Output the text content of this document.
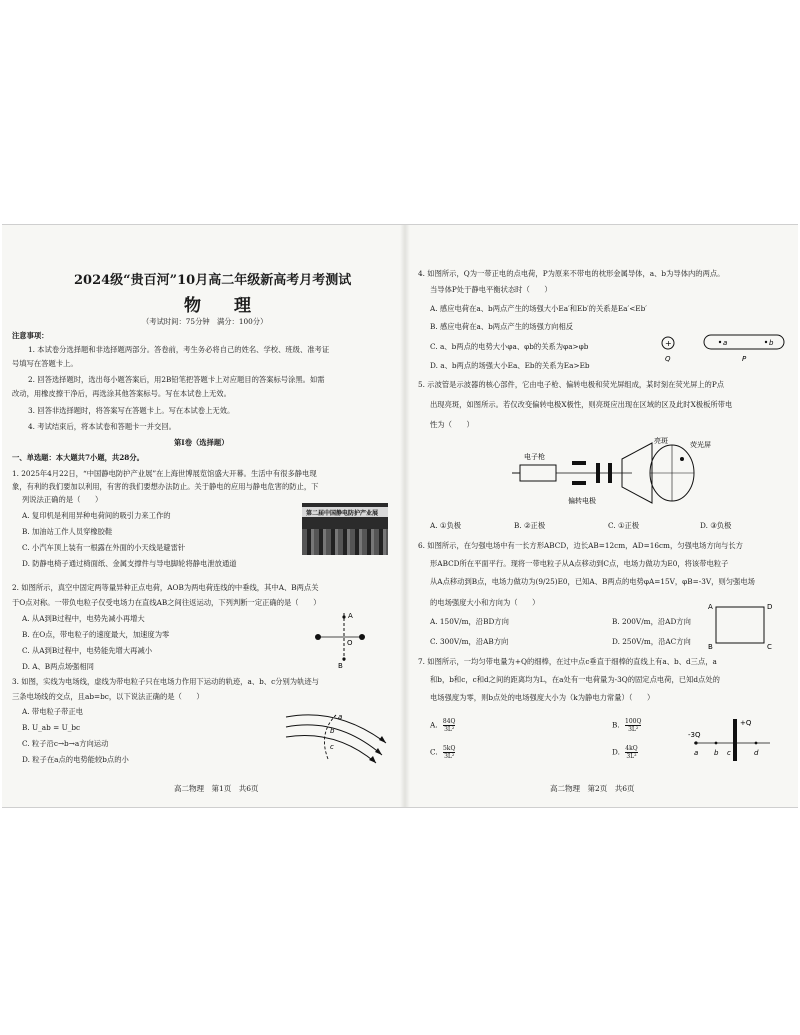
2024级“贵百河”10月高二年级新高考月考测试
物　理
（考试时间：75分钟　满分：100分）
注意事项：
1. 本试卷分选择题和非选择题两部分。答卷前，考生务必将自己的姓名、学校、班级、准考证
号填写在答题卡上。
2. 回答选择题时，选出每小题答案后，用2B铅笔把答题卡上对应题目的答案标号涂黑。如需
改动，用橡皮擦干净后，再选涂其他答案标号。写在本试卷上无效。
3. 回答非选择题时，将答案写在答题卡上。写在本试卷上无效。
4. 考试结束后，将本试卷和答题卡一并交回。
第Ⅰ卷（选择题）
一、单选题：本大题共7小题，共28分。
1. 2025年4月22日，“中国静电防护产业展”在上海世博展览馆盛大开幕。生活中有很多静电现
象，有利的我们要加以利用，有害的我们要想办法防止。关于静电的应用与静电危害的防止，下
列说法正确的是（　　）
A. 复印机是利用异种电荷间的吸引力来工作的
B. 加油站工作人员穿橡胶鞋
C. 小汽车顶上装有一根露在外面的小天线是避雷针
D. 防静电椅子通过椅面纸、金属支撑件与导电脚轮将静电泄放通道
第二届中国静电防护产业展
2. 如图所示，真空中固定两等量异种正点电荷，AOB为两电荷连线的中垂线，其中A、B两点关
于O点对称。一带负电粒子仅受电场力在直线AB之间往返运动，下列判断一定正确的是（　　）
A. 从A到B过程中，电势先减小再增大
B. 在O点，带电粒子的速度最大，加速度为零
C. 从A到B过程中，电势能先增大再减小
D. A、B两点场强相同
A
O
B
3. 如图，实线为电场线，虚线为带电粒子只在电场力作用下运动的轨迹，a、b、c分别为轨迹与
三条电场线的交点，且ab=bc，以下说法正确的是（　　）
A. 带电粒子带正电
B. U_ab = U_bc
C. 粒子沿c→b→a方向运动
D. 粒子在a点的电势能较b点的小
a
b
c
高二物理　第1页　共6页
4. 如图所示，Q为一带正电的点电荷，P为原来不带电的枕形金属导体，a、b为导体内的两点。
当导体P处于静电平衡状态时（　　）
A. 感应电荷在a、b两点产生的场强大小Ea′和Eb′的关系是Ea′<Eb′
B. 感应电荷在a、b两点产生的场强方向相反
C. a、b两点的电势大小φa、φb的关系为φa>φb
D. a、b两点的场强大小Ea、Eb的关系为Ea>Eb
+
Q
a	b
P
5. 示波管是示波器的核心部件，它由电子枪、偏转电极和荧光屏组成，某时刻在荧光屏上的P点
出现亮斑，如图所示。若仅改变偏转电极X极性，则亮斑应出现在区域的区及此时X极板所带电
性为（　　）
电子枪
偏转电极
亮斑	荧光屏
A. ①负极	B. ②正极	C. ①正极	D. ③负极
6. 如图所示，在匀强电场中有一长方形ABCD，边长AB=12cm，AD=16cm，匀强电场方向与长方
形ABCD所在平面平行。现将一带电粒子从A点移动到C点，电场力做功为E0，将该带电粒子
从A点移动到B点，电场力做功为(9/25)E0，已知A、B两点的电势φA=15V，φB=-3V，则匀强电场
的电场强度大小和方向为（　　）
A. 150V/m，沿BD方向	B. 200V/m，沿AD方向
C. 300V/m，沿AB方向	D. 250V/m，沿AC方向
A
B	C
D
7. 如图所示，一均匀带电量为+Q的细棒，在过中点c垂直于细棒的直线上有a、b、d三点，a
和b，b和c，c和d之间的距离均为L，在a处有一电荷量为-3Q的固定点电荷，已知d点处的
电场强度为零，则b点处的电场强度大小为（k为静电力常量）（　　）
A. $\frac{84Q}{\text{3L²}}$	B. $\frac{100Q}{\text{3L²}}$
C. $\frac{5kQ}{\text{3L²}}$	D. $\frac{4kQ}{\text{3L²}}$
-3Q
+Q
a b c	d
高二物理　第2页　共6页
